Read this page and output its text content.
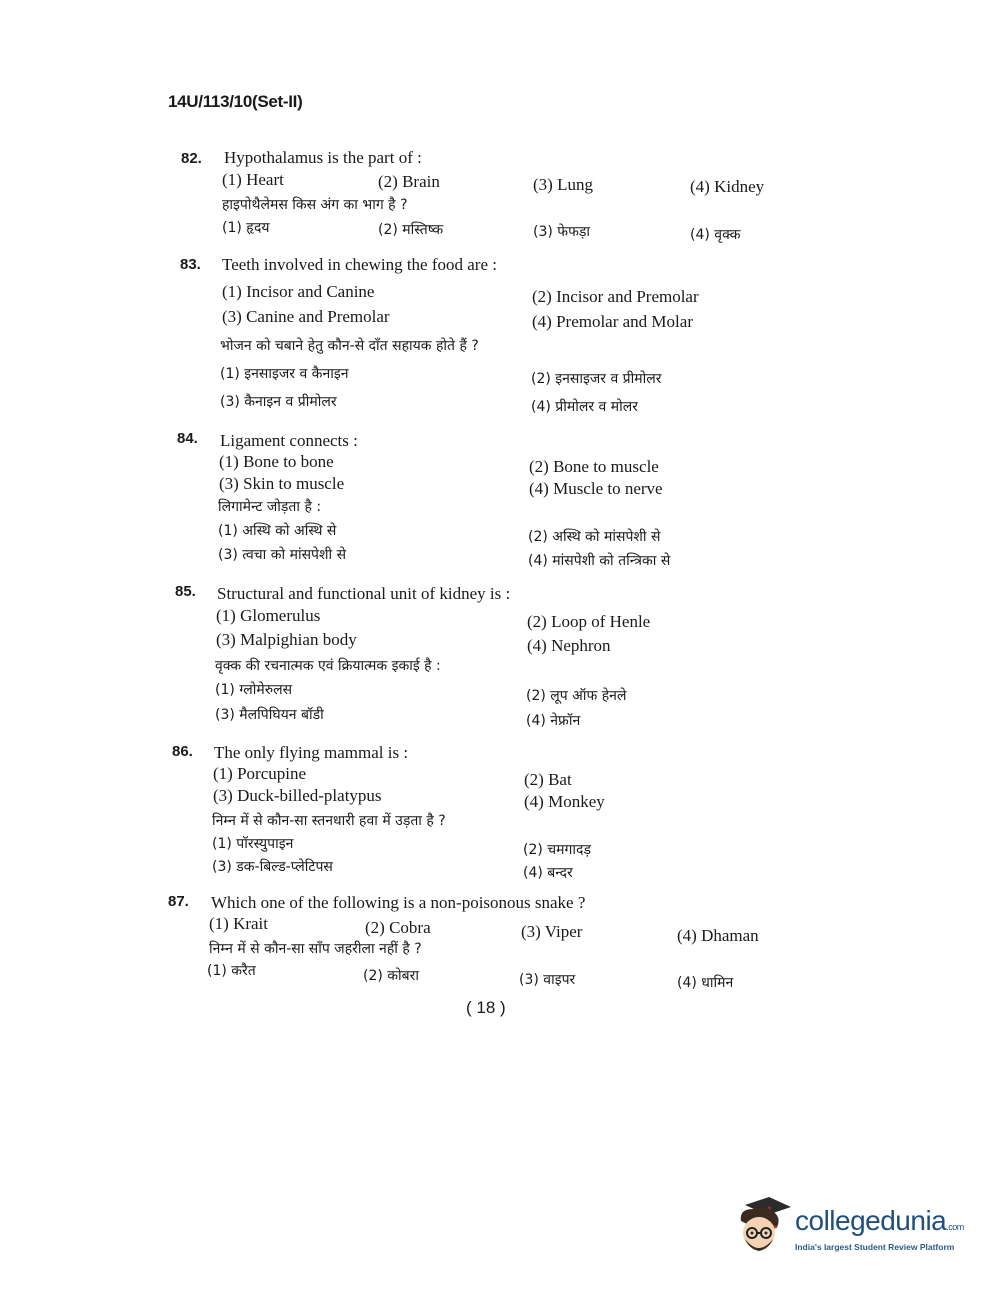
14U/113/10(Set-II)
82. Hypothalamus is the part of :
(1) Heart	(2) Brain	(3) Lung	(4) Kidney
हाइपोथैलेमस किस अंग का भाग है ?
(1) हृदय	(2) मस्तिष्क	(3) फेफड़ा	(4) वृक्क
83. Teeth involved in chewing the food are :
(1) Incisor and Canine	(2) Incisor and Premolar
(3) Canine and Premolar	(4) Premolar and Molar
भोजन को चबाने हेतु कौन-से दाँत सहायक होते हैं ?
(1) इनसाइजर व कैनाइन	(2) इनसाइजर व प्रीमोलर
(3) कैनाइन व प्रीमोलर	(4) प्रीमोलर व मोलर
84. Ligament connects :
(1) Bone to bone	(2) Bone to muscle
(3) Skin to muscle	(4) Muscle to nerve
लिगामेन्ट जोड़ता है :
(1) अस्थि को अस्थि से	(2) अस्थि को मांसपेशी से
(3) त्वचा को मांसपेशी से	(4) मांसपेशी को तन्त्रिका से
85. Structural and functional unit of kidney is :
(1) Glomerulus	(2) Loop of Henle
(3) Malpighian body	(4) Nephron
वृक्क की रचनात्मक एवं क्रियात्मक इकाई है :
(1) ग्लोमेरुलस	(2) लूप ऑफ हेनले
(3) मैलपिघियन बॉडी	(4) नेफ्रॉन
86. The only flying mammal is :
(1) Porcupine	(2) Bat
(3) Duck-billed-platypus	(4) Monkey
निम्न में से कौन-सा स्तनधारी हवा में उड़ता है ?
(1) पॉरस्युपाइन	(2) चमगादड़
(3) डक-बिल्ड-प्लेटिपस	(4) बन्दर
87. Which one of the following is a non-poisonous snake ?
(1) Krait	(2) Cobra	(3) Viper	(4) Dhaman
निम्न में से कौन-सा साँप जहरीला नहीं है ?
(1) करैत	(2) कोबरा	(3) वाइपर	(4) धामिन
( 18 )
collegedunia.com
India's largest Student Review Platform
